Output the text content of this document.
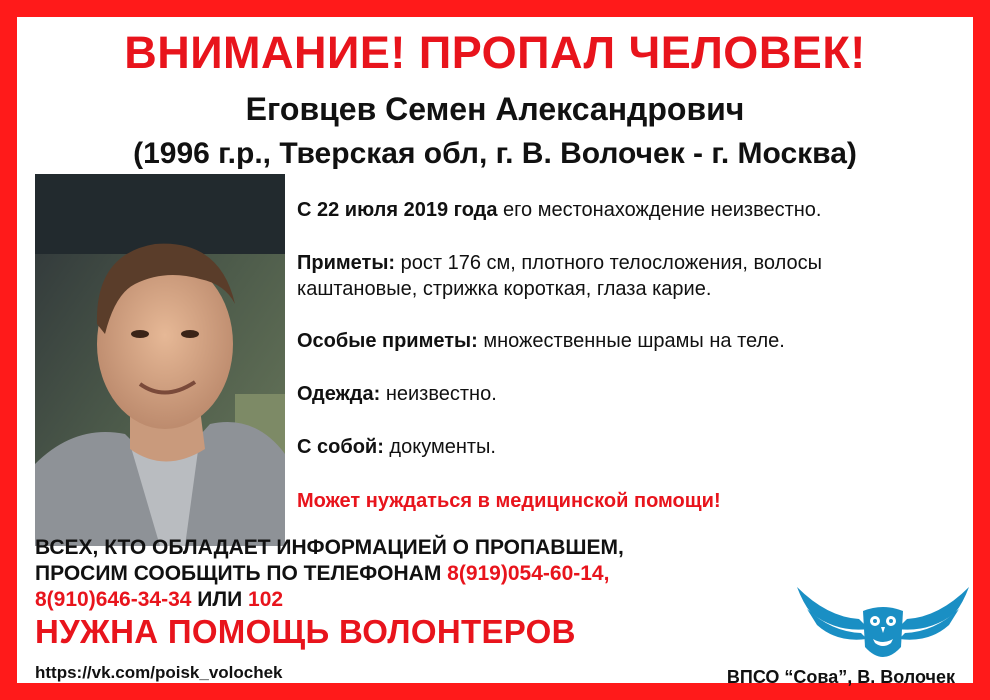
ВНИМАНИЕ! ПРОПАЛ ЧЕЛОВЕК!
Еговцев Семен Александрович
(1996 г.р., Тверская обл, г. В. Волочек - г. Москва)

С 22 июля 2019 года его местонахождение неизвестно.

Приметы: рост 176 см, плотного телосложения, волосы
каштановые, стрижка короткая, глаза карие.

Особые приметы: множественные шрамы на теле.

Одежда: неизвестно.

С собой: документы.

Может нуждаться в медицинской помощи!

ВСЕХ, КТО ОБЛАДАЕТ ИНФОРМАЦИЕЙ О ПРОПАВШЕМ,
ПРОСИМ СООБЩИТЬ ПО ТЕЛЕФОНАМ 8(919)054-60-14,
8(910)646-34-34 ИЛИ 102
НУЖНА ПОМОЩЬ ВОЛОНТЕРОВ
https://vk.com/poisk_volochek	ВПСО “Сова”, В. Волочек
